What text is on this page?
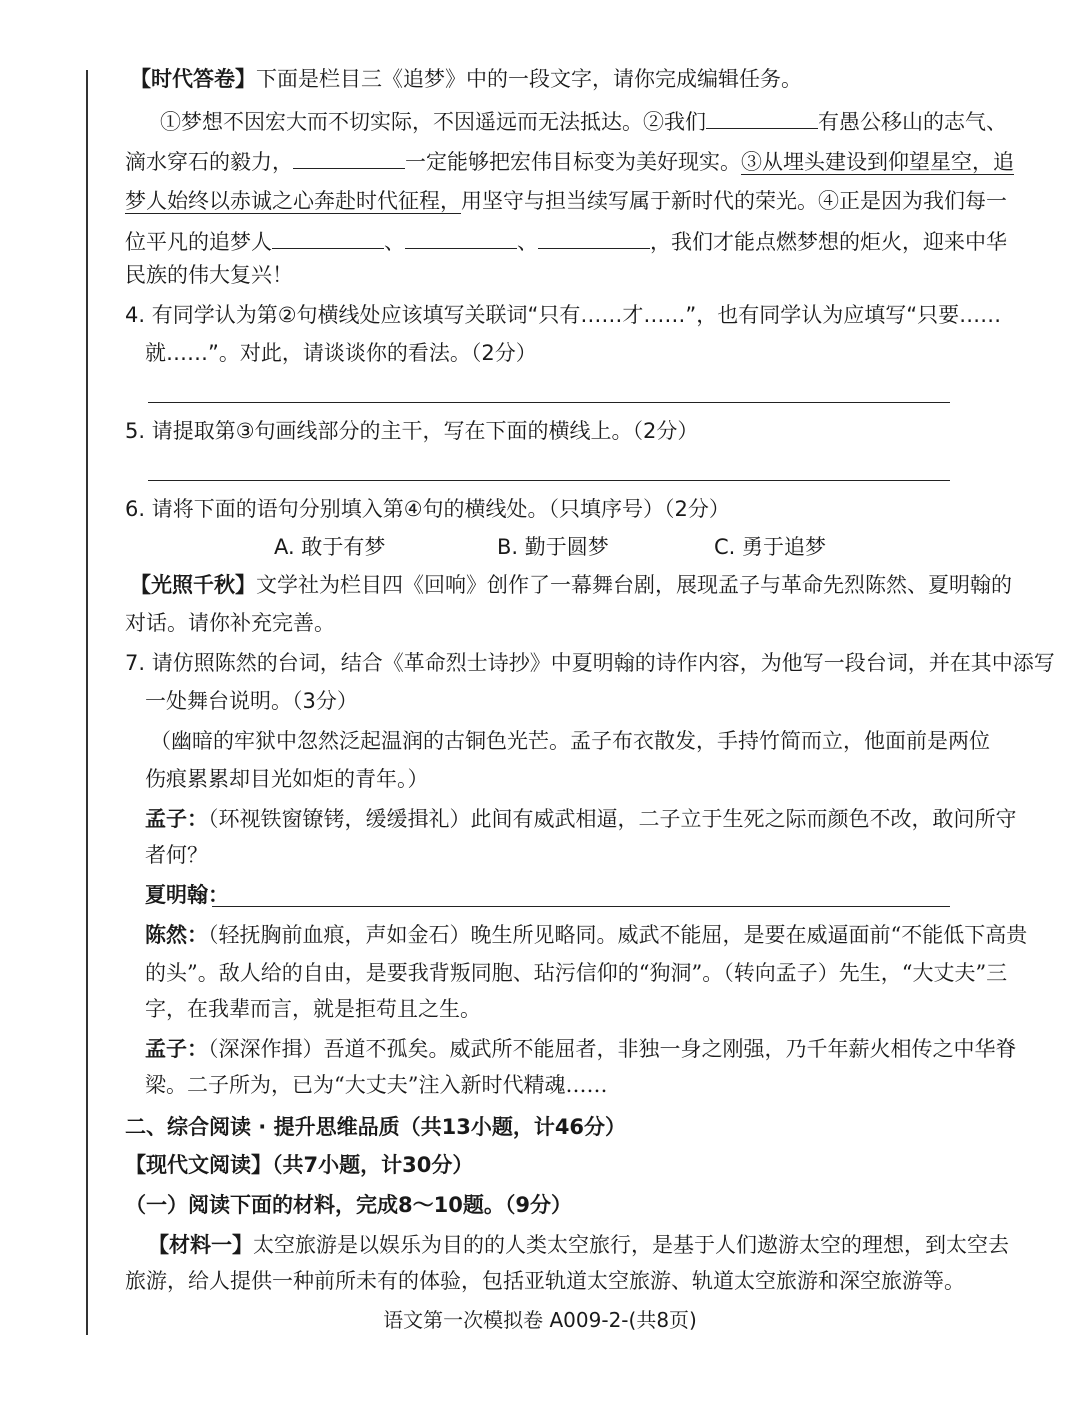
【时代答卷】下面是栏目三《追梦》中的一段文字，请你完成编辑任务。
①梦想不因宏大而不切实际，不因遥远而无法抵达。②我们	有愚公移山的志气、
滴水穿石的毅力，	一定能够把宏伟目标变为美好现实。③从埋头建设到仰望星空，追
梦人始终以赤诚之心奔赴时代征程，用坚守与担当续写属于新时代的荣光。④正是因为我们每一
位平凡的追梦人	、	、	，我们才能点燃梦想的炬火，迎来中华
民族的伟大复兴！
4. 有同学认为第②句横线处应该填写关联词“只有……才……”，也有同学认为应填写“只要……
就……”。对此，请谈谈你的看法。（2分）
5. 请提取第③句画线部分的主干，写在下面的横线上。（2分）
6. 请将下面的语句分别填入第④句的横线处。（只填序号）（2分）
A. 敢于有梦	B. 勤于圆梦	C. 勇于追梦
【光照千秋】文学社为栏目四《回响》创作了一幕舞台剧，展现孟子与革命先烈陈然、夏明翰的
对话。请你补充完善。
7. 请仿照陈然的台词，结合《革命烈士诗抄》中夏明翰的诗作内容，为他写一段台词，并在其中添写
一处舞台说明。（3分）
（幽暗的牢狱中忽然泛起温润的古铜色光芒。孟子布衣散发，手持竹简而立，他面前是两位
伤痕累累却目光如炬的青年。）
孟子：（环视铁窗镣铐，缓缓揖礼）此间有威武相逼，二子立于生死之际而颜色不改，敢问所守
者何？
夏明翰：
陈然：（轻抚胸前血痕，声如金石）晚生所见略同。威武不能屈，是要在威逼面前“不能低下高贵
的头”。敌人给的自由，是要我背叛同胞、玷污信仰的“狗洞”。（转向孟子）先生，“大丈夫”三
字，在我辈而言，就是拒苟且之生。
孟子：（深深作揖）吾道不孤矣。威武所不能屈者，非独一身之刚强，乃千年薪火相传之中华脊
梁。二子所为，已为“大丈夫”注入新时代精魂……
二、综合阅读 · 提升思维品质（共13小题，计46分）
【现代文阅读】（共7小题，计30分）
（一）阅读下面的材料，完成8～10题。（9分）
【材料一】太空旅游是以娱乐为目的的人类太空旅行，是基于人们遨游太空的理想，到太空去
旅游，给人提供一种前所未有的体验，包括亚轨道太空旅游、轨道太空旅游和深空旅游等。
语文第一次模拟卷 A009-2-(共8页)
